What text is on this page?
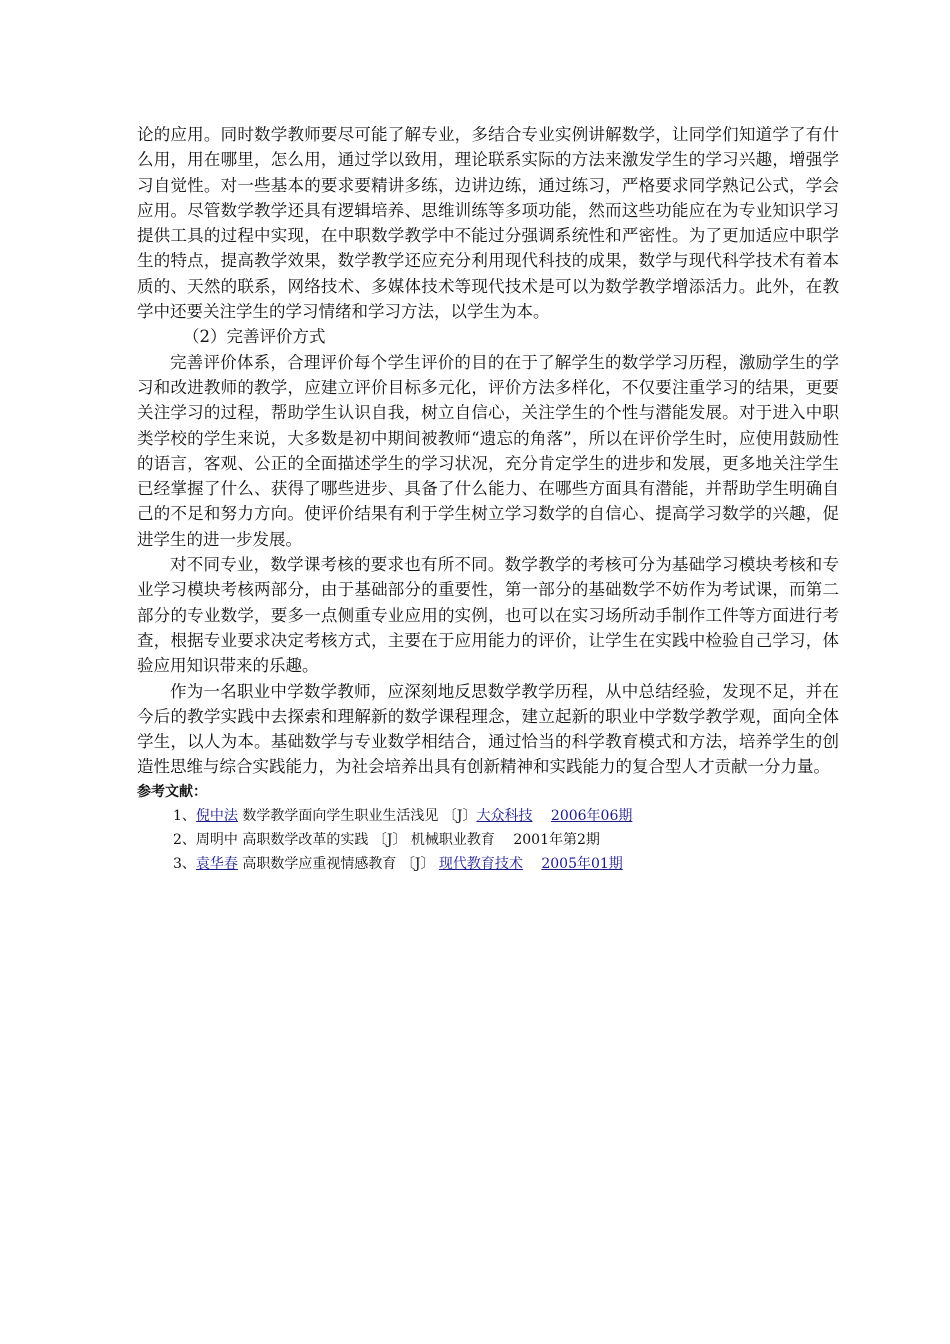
论的应用。同时数学教师要尽可能了解专业，多结合专业实例讲解数学，让同学们知道学了有什么用，用在哪里，怎么用，通过学以致用，理论联系实际的方法来激发学生的学习兴趣，增强学习自觉性。对一些基本的要求要精讲多练，边讲边练，通过练习，严格要求同学熟记公式，学会应用。尽管数学教学还具有逻辑培养、思维训练等多项功能，然而这些功能应在为专业知识学习提供工具的过程中实现，在中职数学教学中不能过分强调系统性和严密性。为了更加适应中职学生的特点，提高教学效果，数学教学还应充分利用现代科技的成果，数学与现代科学技术有着本质的、天然的联系，网络技术、多媒体技术等现代技术是可以为数学教学增添活力。此外，在教学中还要关注学生的学习情绪和学习方法，以学生为本。

（2）完善评价方式

完善评价体系，合理评价每个学生评价的目的在于了解学生的数学学习历程，激励学生的学习和改进教师的教学，应建立评价目标多元化，评价方法多样化，不仅要注重学习的结果，更要关注学习的过程，帮助学生认识自我，树立自信心，关注学生的个性与潜能发展。对于进入中职类学校的学生来说，大多数是初中期间被教师“遗忘的角落”，所以在评价学生时，应使用鼓励性的语言，客观、公正的全面描述学生的学习状况，充分肯定学生的进步和发展，更多地关注学生已经掌握了什么、获得了哪些进步、具备了什么能力、在哪些方面具有潜能，并帮助学生明确自己的不足和努力方向。使评价结果有利于学生树立学习数学的自信心、提高学习数学的兴趣，促进学生的进一步发展。

对不同专业，数学课考核的要求也有所不同。数学教学的考核可分为基础学习模块考核和专业学习模块考核两部分，由于基础部分的重要性，第一部分的基础数学不妨作为考试课，而第二部分的专业数学，要多一点侧重专业应用的实例，也可以在实习场所动手制作工件等方面进行考查，根据专业要求决定考核方式，主要在于应用能力的评价，让学生在实践中检验自己学习，体验应用知识带来的乐趣。

作为一名职业中学数学教师，应深刻地反思数学教学历程，从中总结经验，发现不足，并在今后的教学实践中去探索和理解新的数学课程理念，建立起新的职业中学数学教学观，面向全体学生，以人为本。基础数学与专业数学相结合，通过恰当的科学教育模式和方法，培养学生的创造性思维与综合实践能力，为社会培养出具有创新精神和实践能力的复合型人才贡献一分力量。

参考文献：

1、倪中法 数学教学面向学生职业生活浅见 〔J〕大众科技 2006年06期

2、周明中 高职数学改革的实践 〔J〕 机械职业教育 2001年第2期

3、袁华春 高职数学应重视情感教育 〔J〕 现代教育技术 2005年01期
